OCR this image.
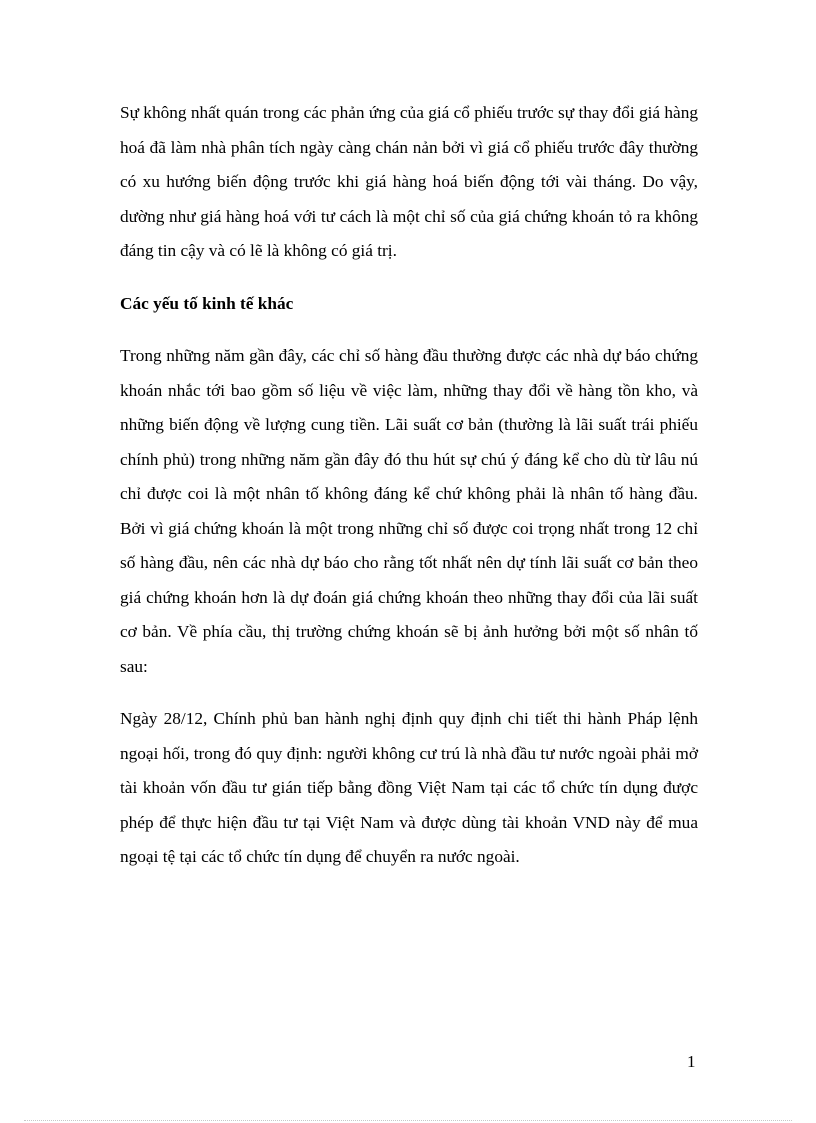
Sự không nhất quán trong các phản ứng của giá cổ phiếu trước sự thay đổi giá hàng hoá đã làm nhà phân tích ngày càng chán nản bởi vì giá cổ phiếu trước đây thường có xu hướng biến động trước khi giá hàng hoá biến động tới vài tháng. Do vậy, dường như giá hàng hoá với tư cách là một chỉ số của giá chứng khoán tỏ ra không đáng tin cậy và có lẽ là không có giá trị.

Các yếu tố kinh tế khác

Trong những năm gần đây, các chỉ số hàng đầu thường được các nhà dự báo chứng khoán nhắc tới bao gồm số liệu về việc làm, những thay đổi về hàng tồn kho, và những biến động về lượng cung tiền. Lãi suất cơ bản (thường là lãi suất trái phiếu chính phủ) trong những năm gần đây đó thu hút sự chú ý đáng kể cho dù từ lâu nú chỉ được coi là một nhân tố không đáng kể chứ không phải là nhân tố hàng đầu. Bởi vì giá chứng khoán là một trong những chỉ số được coi trọng nhất trong 12 chỉ số hàng đầu, nên các nhà dự báo cho rằng tốt nhất nên dự tính lãi suất cơ bản theo giá chứng khoán hơn là dự đoán giá chứng khoán theo những thay đổi của lãi suất cơ bản. Về phía cầu, thị trường chứng khoán sẽ bị ảnh hưởng bởi một số nhân tố sau:

Ngày 28/12, Chính phủ ban hành nghị định quy định chi tiết thi hành Pháp lệnh ngoại hối, trong đó quy định: người không cư trú là nhà đầu tư nước ngoài phải mở tài khoản vốn đầu tư gián tiếp bằng đồng Việt Nam tại các tổ chức tín dụng được phép để thực hiện đầu tư tại Việt Nam và được dùng tài khoản VND này để mua ngoại tệ tại các tổ chức tín dụng để chuyển ra nước ngoài.

1
